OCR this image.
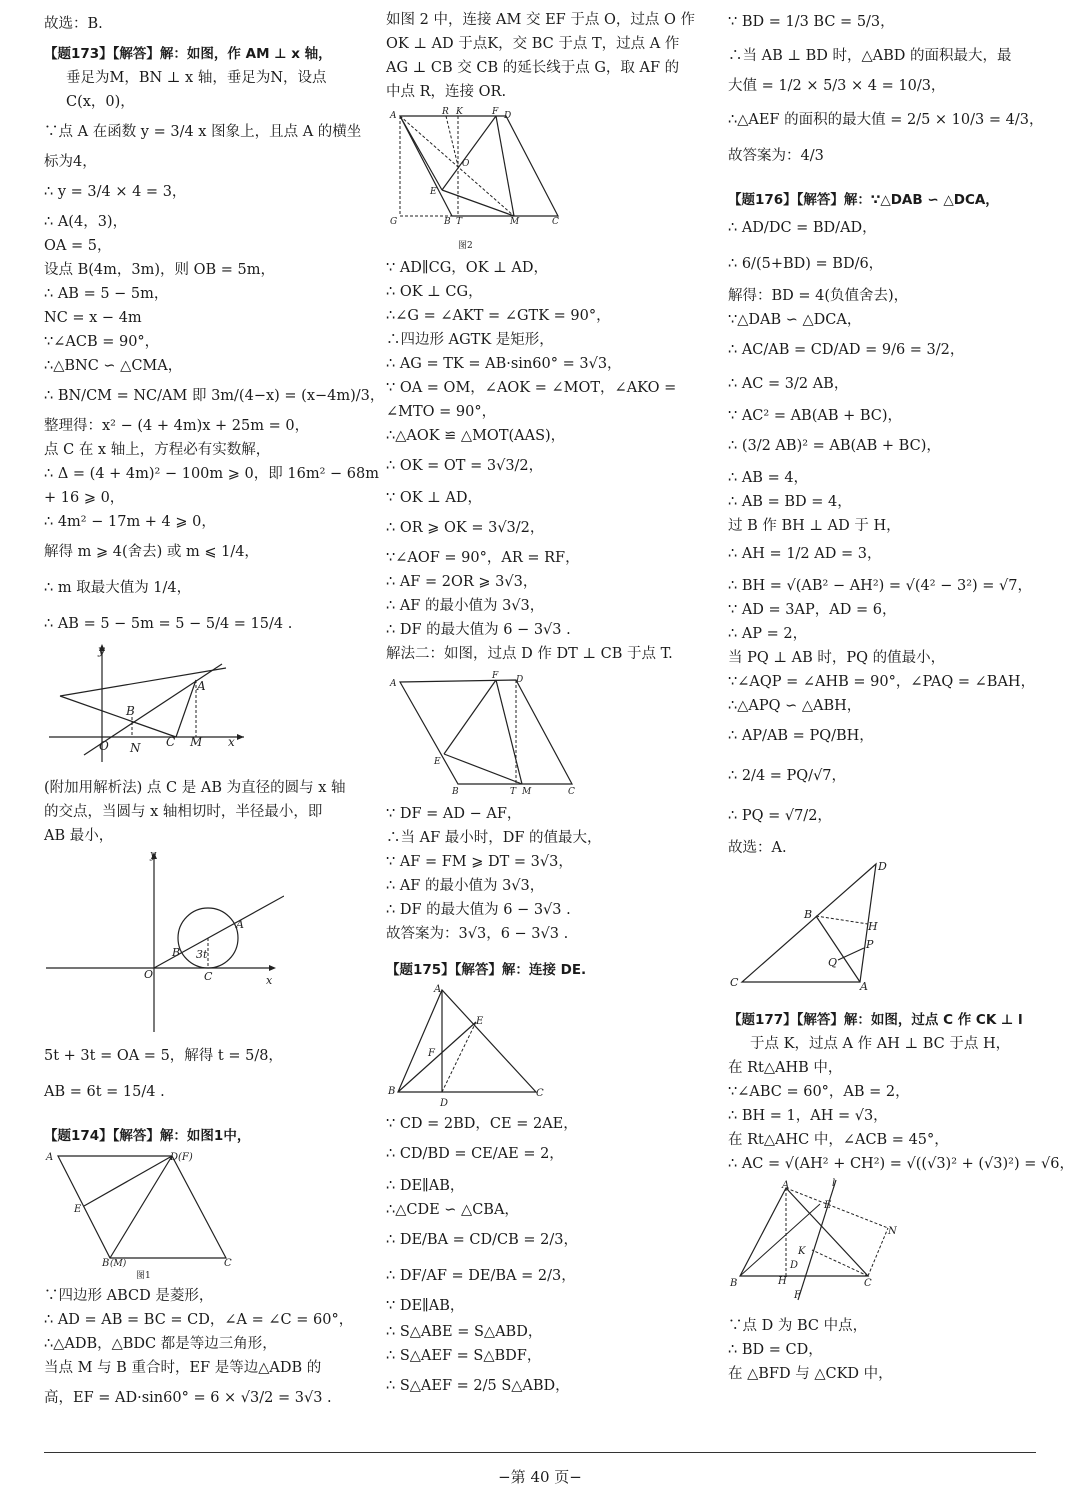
故选：B.
【题173】【解答】解：如图，作 AM ⊥ x 轴，
垂足为M，BN ⊥ x 轴，垂足为N，设点
C(x，0)，
∵点 A 在函数 y = 3/4 x 图象上，且点 A 的横坐
标为4，
∴ y = 3/4 × 4 = 3，
∴ A(4，3)，
OA = 5，
设点 B(4m，3m)，则 OB = 5m，
∴ AB = 5 − 5m，
NC = x − 4m
∵∠ACB = 90°，
∴△BNC ∽ △CMA，
∴ BN/CM = NC/AM 即 3m/(4−x) = (x−4m)/3，
整理得：x² − (4 + 4m)x + 25m = 0，
点 C 在 x 轴上，方程必有实数解，
∴ Δ = (4 + 4m)² − 100m ⩾ 0，即 16m² − 68m
+ 16 ⩾ 0，
∴ 4m² − 17m + 4 ⩾ 0，
解得 m ⩾ 4(舍去) 或 m ⩽ 1/4，
∴ m 取最大值为 1/4，
∴ AB = 5 − 5m = 5 − 5/4 = 15/4 .
(附加用解析法) 点 C 是 AB 为直径的圆与 x 轴
的交点，当圆与 x 轴相切时，半径最小，即
AB 最小，
5t + 3t = OA = 5，解得 t = 5/8，
AB = 6t = 15/4 .
【题174】【解答】解：如图1中，
∵四边形 ABCD 是菱形，
∴ AD = AB = BC = CD，∠A = ∠C = 60°，
∴△ADB，△BDC 都是等边三角形，
当点 M 与 B 重合时，EF 是等边△ADB 的
高，EF = AD·sin60° = 6 × √3/2 = 3√3 .
如图 2 中，连接 AM 交 EF 于点 O，过点 O 作
OK ⊥ AD 于点K，交 BC 于点 T，过点 A 作
AG ⊥ CB 交 CB 的延长线于点 G，取 AF 的
中点 R，连接 OR.
∵ AD∥CG，OK ⊥ AD，
∴ OK ⊥ CG，
∴∠G = ∠AKT = ∠GTK = 90°，
∴四边形 AGTK 是矩形，
∴ AG = TK = AB·sin60° = 3√3，
∵ OA = OM，∠AOK = ∠MOT，∠AKO =
∠MTO = 90°，
∴△AOK ≌ △MOT(AAS)，
∴ OK = OT = 3√3/2，
∵ OK ⊥ AD，
∴ OR ⩾ OK = 3√3/2，
∵∠AOF = 90°，AR = RF，
∴ AF = 2OR ⩾ 3√3，
∴ AF 的最小值为 3√3，
∴ DF 的最大值为 6 − 3√3 .
解法二：如图，过点 D 作 DT ⊥ CB 于点 T.
∵ DF = AD − AF，
∴当 AF 最小时，DF 的值最大，
∵ AF = FM ⩾ DT = 3√3，
∴ AF 的最小值为 3√3，
∴ DF 的最大值为 6 − 3√3 .
故答案为：3√3，6 − 3√3 .
【题175】【解答】解：连接 DE.
∵ CD = 2BD，CE = 2AE，
∴ CD/BD = CE/AE = 2，
∴ DE∥AB，
∴△CDE ∽ △CBA，
∴ DE/BA = CD/CB = 2/3，
∴ DF/AF = DE/BA = 2/3，
∵ DE∥AB，
∴ S△ABE = S△ABD，
∴ S△AEF = S△BDF，
∴ S△AEF = 2/5 S△ABD，
∵ BD = 1/3 BC = 5/3，
∴当 AB ⊥ BD 时，△ABD 的面积最大，最
大值 = 1/2 × 5/3 × 4 = 10/3，
∴△AEF 的面积的最大值 = 2/5 × 10/3 = 4/3，
故答案为：4/3
【题176】【解答】解：∵△DAB ∽ △DCA，
∴ AD/DC = BD/AD，
∴ 6/(5+BD) = BD/6，
解得：BD = 4(负值舍去)，
∵△DAB ∽ △DCA，
∴ AC/AB = CD/AD = 9/6 = 3/2，
∴ AC = 3/2 AB，
∵ AC² = AB(AB + BC)，
∴ (3/2 AB)² = AB(AB + BC)，
∴ AB = 4，
∴ AB = BD = 4，
过 B 作 BH ⊥ AD 于 H，
∴ AH = 1/2 AD = 3，
∴ BH = √(AB² − AH²) = √(4² − 3²) = √7，
∵ AD = 3AP，AD = 6，
∴ AP = 2，
当 PQ ⊥ AB 时，PQ 的值最小，
∵∠AQP = ∠AHB = 90°，∠PAQ = ∠BAH，
∴△APQ ∽ △ABH，
∴ AP/AB = PQ/BH，
∴ 2/4 = PQ/√7，
∴ PQ = √7/2，
故选：A.
【题177】【解答】解：如图，过点 C 作 CK ⊥ l
于点 K，过点 A 作 AH ⊥ BC 于点 H，
在 Rt△AHB 中，
∵∠ABC = 60°，AB = 2，
∴ BH = 1，AH = √3，
在 Rt△AHC 中，∠ACB = 45°，
∴ AC = √(AH² + CH²) = √((√3)² + (√3)²) = √6，
∵点 D 为 BC 中点，
∴ BD = CD，
在 △BFD 与 △CKD 中，
y
A
B
O N C M x
y
O
A
B 3t
C	x
A	D(F)
E
B (M)	C
图1
A	R K	F D
O
E
G	B T	M	C
图2
A
F D
E
B	T M	C
A
E
F
B
D
C
D
B
H
P
Q
C	A
A	l
E
N
K
D
H
B	C
F
−第 40 页−
